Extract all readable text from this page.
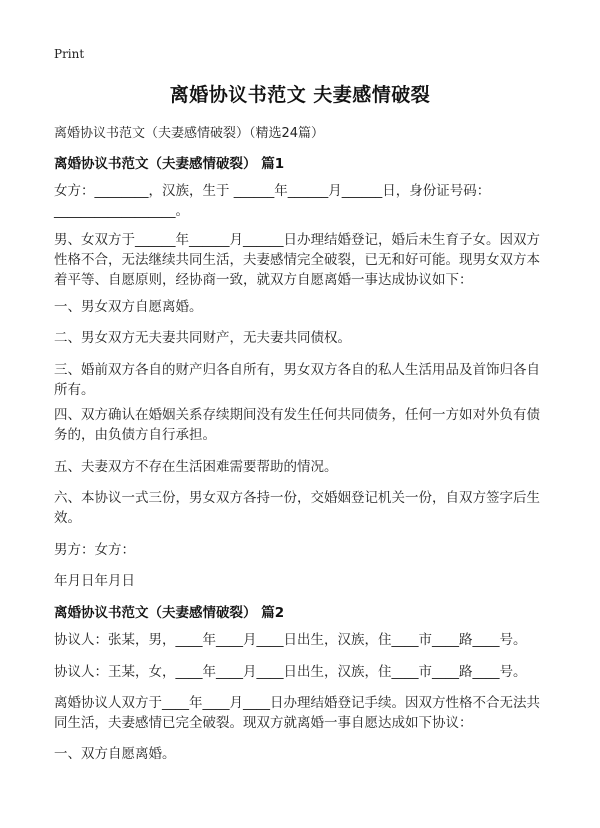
Print
离婚协议书范文 夫妻感情破裂
离婚协议书范文（夫妻感情破裂）（精选24篇）
离婚协议书范文（夫妻感情破裂） 篇1
女方：________，汉族，生于 ______年______月______日，身份证号码：
__________________。
男、女双方于______年______月______日办理结婚登记，婚后未生育子女。因双方性格不合，无法继续共同生活，夫妻感情完全破裂，已无和好可能。现男女双方本着平等、自愿原则，经协商一致，就双方自愿离婚一事达成协议如下：
一、男女双方自愿离婚。
二、男女双方无夫妻共同财产，无夫妻共同债权。
三、婚前双方各自的财产归各自所有，男女双方各自的私人生活用品及首饰归各自所有。
四、双方确认在婚姻关系存续期间没有发生任何共同债务，任何一方如对外负有债务的，由负债方自行承担。
五、夫妻双方不存在生活困难需要帮助的情况。
六、本协议一式三份，男女双方各持一份，交婚姻登记机关一份，自双方签字后生效。
男方：女方：
年月日年月日
离婚协议书范文（夫妻感情破裂） 篇2
协议人：张某，男，____年____月____日出生，汉族，住____市____路____号。
协议人：王某，女，____年____月____日出生，汉族，住____市____路____号。
离婚协议人双方于____年____月____日办理结婚登记手续。因双方性格不合无法共同生活，夫妻感情已完全破裂。现双方就离婚一事自愿达成如下协议：
一、双方自愿离婚。
